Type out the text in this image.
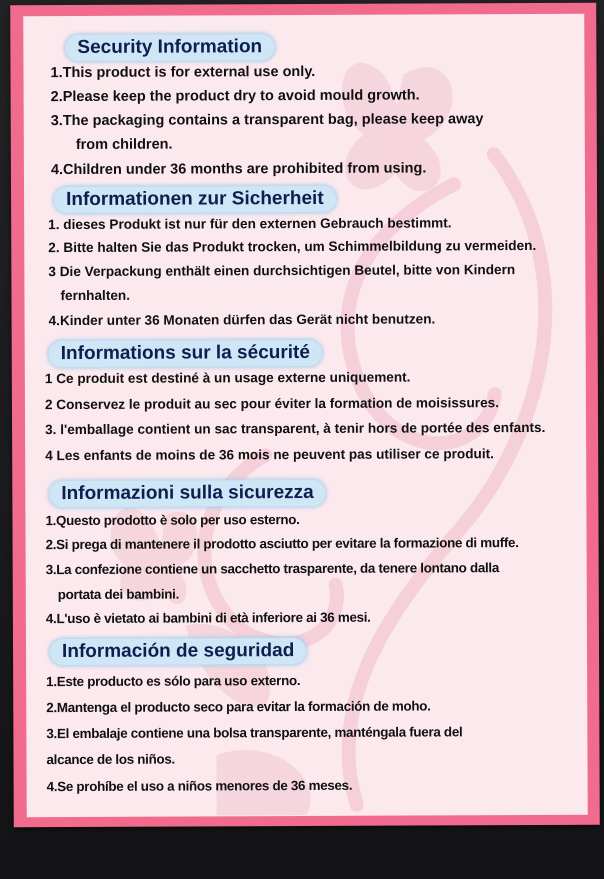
Security Information
1.This product is for external use only.
2.Please keep the product dry to avoid mould growth.
3.The packaging contains a transparent bag, please keep away
from children.
4.Children under 36 months are prohibited from using.
Informationen zur Sicherheit
1. dieses Produkt ist nur für den externen Gebrauch bestimmt.
2. Bitte halten Sie das Produkt trocken, um Schimmelbildung zu vermeiden.
3 Die Verpackung enthält einen durchsichtigen Beutel, bitte von Kindern
fernhalten.
4.Kinder unter 36 Monaten dürfen das Gerät nicht benutzen.
Informations sur la sécurité
1 Ce produit est destiné à un usage externe uniquement.
2 Conservez le produit au sec pour éviter la formation de moisissures.
3. l'emballage contient un sac transparent, à tenir hors de portée des enfants.
4 Les enfants de moins de 36 mois ne peuvent pas utiliser ce produit.
Informazioni sulla sicurezza
1.Questo prodotto è solo per uso esterno.
2.Si prega di mantenere il prodotto asciutto per evitare la formazione di muffe.
3.La confezione contiene un sacchetto trasparente, da tenere lontano dalla
portata dei bambini.
4.L'uso è vietato ai bambini di età inferiore ai 36 mesi.
Información de seguridad
1.Este producto es sólo para uso externo.
2.Mantenga el producto seco para evitar la formación de moho.
3.El embalaje contiene una bolsa transparente, manténgala fuera del
alcance de los niños.
4.Se prohíbe el uso a niños menores de 36 meses.
